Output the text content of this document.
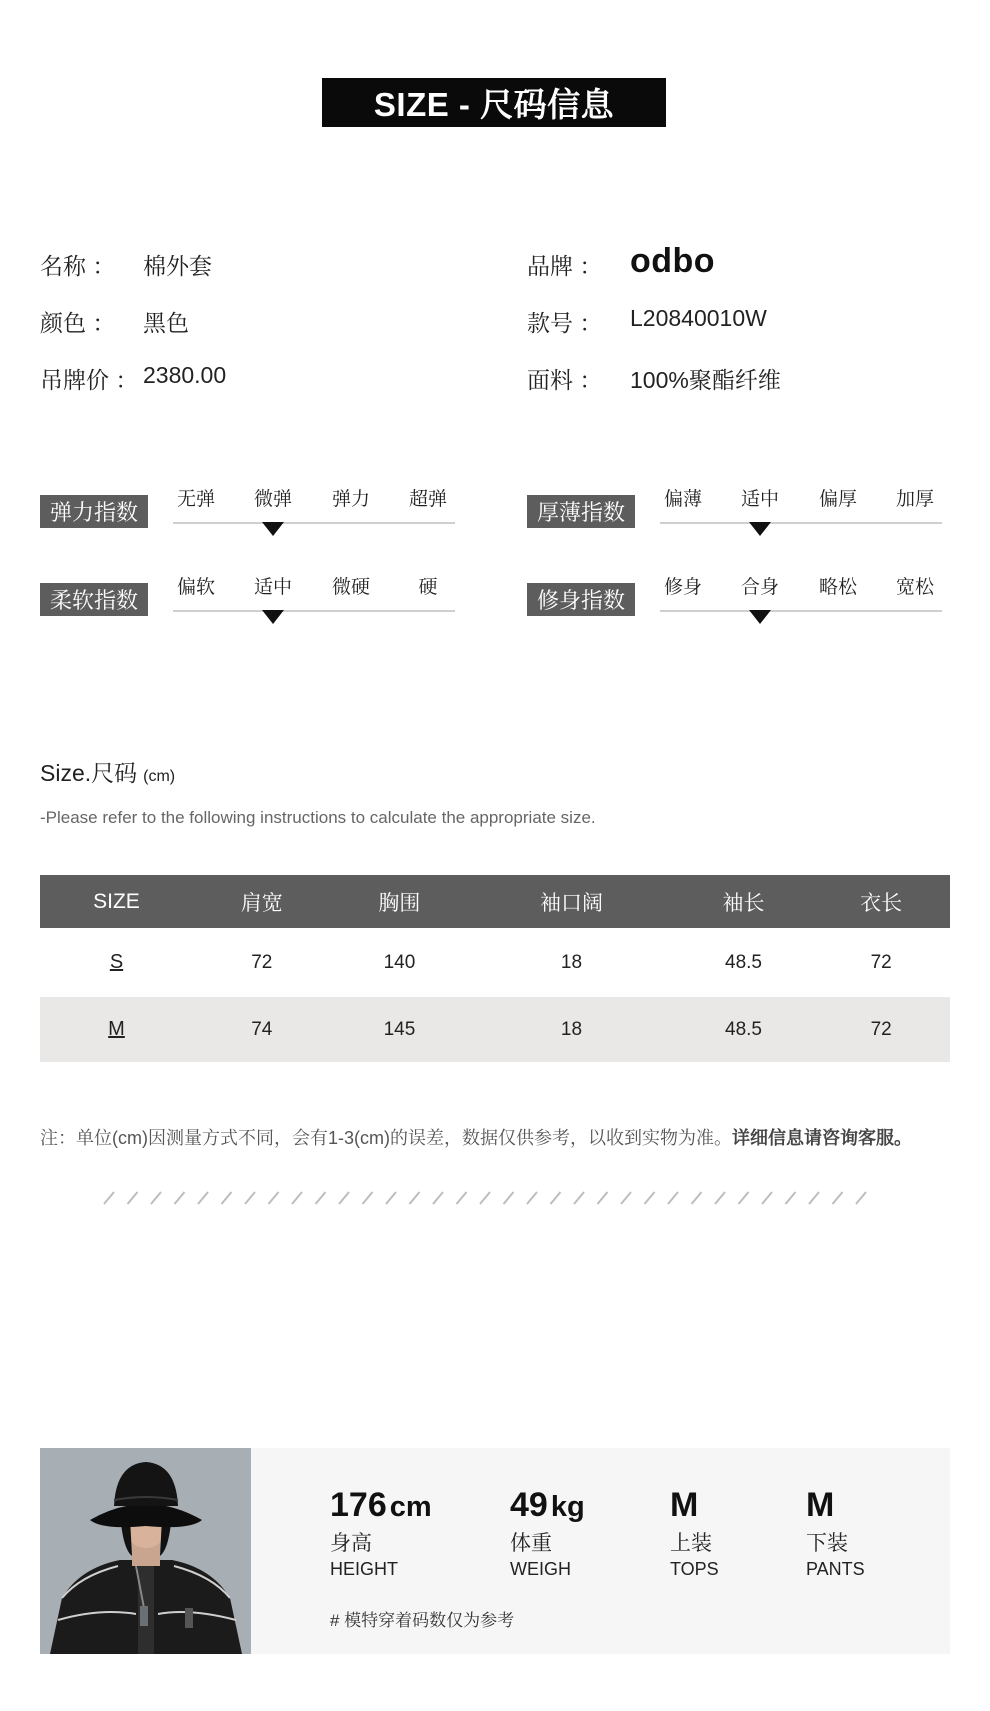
SIZE - 尺码信息
名称 ： 棉外套
颜色 ： 黑色
吊牌价 ： 2380.00
品牌 ： odbo
款号 ： L20840010W
面料 ： 100%聚酯纤维
弹力指数
无弹	微弹	弹力	超弹
厚薄指数
偏薄	适中	偏厚	加厚
柔软指数
偏软	适中	微硬	硬
修身指数
修身	合身	略松	宽松
Size.尺码 (cm)
-Please refer to the following instructions to calculate the appropriate size.
SIZE	肩宽	胸围	袖口阔	袖长	衣长
S	72	140	18	48.5	72
M	74	145	18	48.5	72
注：单位(cm)因测量方式不同，会有1-3(cm)的误差，数据仅供参考，以收到实物为准。详细信息请咨询客服。
176 cm
身高
HEIGHT
49 kg
体重
WEIGH
M
上装
TOPS
M
下装
PANTS
# 模特穿着码数仅为参考
